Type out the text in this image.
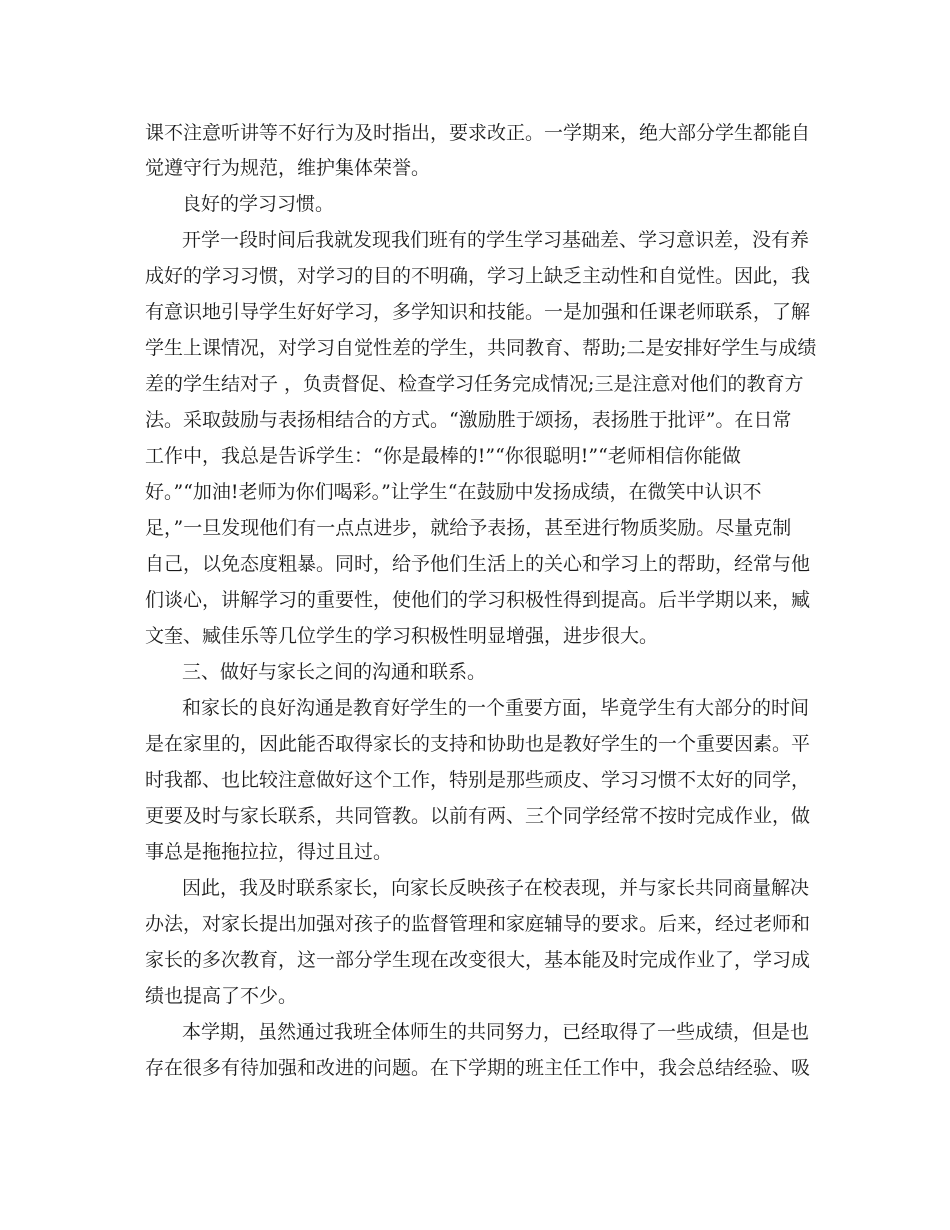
课不注意听讲等不好行为及时指出，要求改正。一学期来，绝大部分学生都能自
觉遵守行为规范，维护集体荣誉。
良好的学习习惯。
开学一段时间后我就发现我们班有的学生学习基础差、学习意识差，没有养
成好的学习习惯，对学习的目的不明确，学习上缺乏主动性和自觉性。因此，我
有意识地引导学生好好学习，多学知识和技能。一是加强和任课老师联系，了解
学生上课情况，对学习自觉性差的学生，共同教育、帮助;二是安排好学生与成绩
差的学生结对子 ，负责督促、检查学习任务完成情况;三是注意对他们的教育方
法。采取鼓励与表扬相结合的方式。“激励胜于颂扬，表扬胜于批评”。在日常
工作中，我总是告诉学生：“你是最棒的!”“你很聪明!”“老师相信你能做
好。”“加油!老师为你们喝彩。”让学生“在鼓励中发扬成绩，在微笑中认识不
足，”一旦发现他们有一点点进步，就给予表扬，甚至进行物质奖励。尽量克制
自己，以免态度粗暴。同时，给予他们生活上的关心和学习上的帮助，经常与他
们谈心，讲解学习的重要性，使他们的学习积极性得到提高。后半学期以来，臧
文奎、臧佳乐等几位学生的学习积极性明显增强，进步很大。
三、做好与家长之间的沟通和联系。
和家长的良好沟通是教育好学生的一个重要方面，毕竟学生有大部分的时间
是在家里的，因此能否取得家长的支持和协助也是教好学生的一个重要因素。平
时我都、也比较注意做好这个工作，特别是那些顽皮、学习习惯不太好的同学，
更要及时与家长联系，共同管教。以前有两、三个同学经常不按时完成作业，做
事总是拖拖拉拉，得过且过。
因此，我及时联系家长，向家长反映孩子在校表现，并与家长共同商量解决
办法，对家长提出加强对孩子的监督管理和家庭辅导的要求。后来，经过老师和
家长的多次教育，这一部分学生现在改变很大，基本能及时完成作业了，学习成
绩也提高了不少。
本学期，虽然通过我班全体师生的共同努力，已经取得了一些成绩，但是也
存在很多有待加强和改进的问题。在下学期的班主任工作中，我会总结经验、吸
